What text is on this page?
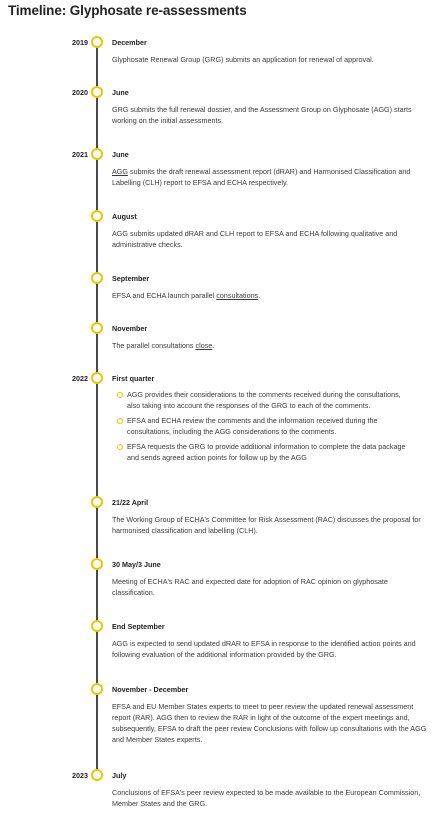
Timeline: Glyphosate re-assessments
2019	December
Glyphosate Renewal Group (GRG) submits an application for renewal of approval.
2020	June
GRG submits the full renewal dossier, and the Assessment Group on Glyphosate (AGG) starts working on the initial assessments.
2021	June
AGG submits the draft renewal assessment report (dRAR) and Harmonised Classification and Labelling (CLH) report to EFSA and ECHA respectively.
August
AGG submits updated dRAR and CLH report to EFSA and ECHA following qualitative and administrative checks.
September
EFSA and ECHA launch parallel consultations.
November
The parallel consultations close.
2022	First quarter
AGG provides their considerations to the comments received during the consultations, also taking into account the responses of the GRG to each of the comments.
EFSA and ECHA review the comments and the information received during the consultations, including the AGG considerations to the comments.
EFSA requests the GRG to provide additional information to complete the data package and sends agreed action points for follow up by the AGG
21/22 April
The Working Group of ECHA's Committee for Risk Assessment (RAC) discusses the proposal for harmonised classification and labelling (CLH).
30 May/3 June
Meeting of ECHA's RAC and expected date for adoption of RAC opinion on glyphosate classification.
End September
AGG is expected to send updated dRAR to EFSA in response to the identified action points and following evaluation of the additional information provided by the GRG.
November - December
EFSA and EU Member States experts to meet to peer review the updated renewal assessment report (RAR). AGG then to review the RAR in light of the outcome of the expert meetings and, subsequently, EFSA to draft the peer review Conclusions with follow up consultations with the AGG and Member States experts.
2023	July
Conclusions of EFSA's peer review expected to be made available to the European Commission, Member States and the GRG.
